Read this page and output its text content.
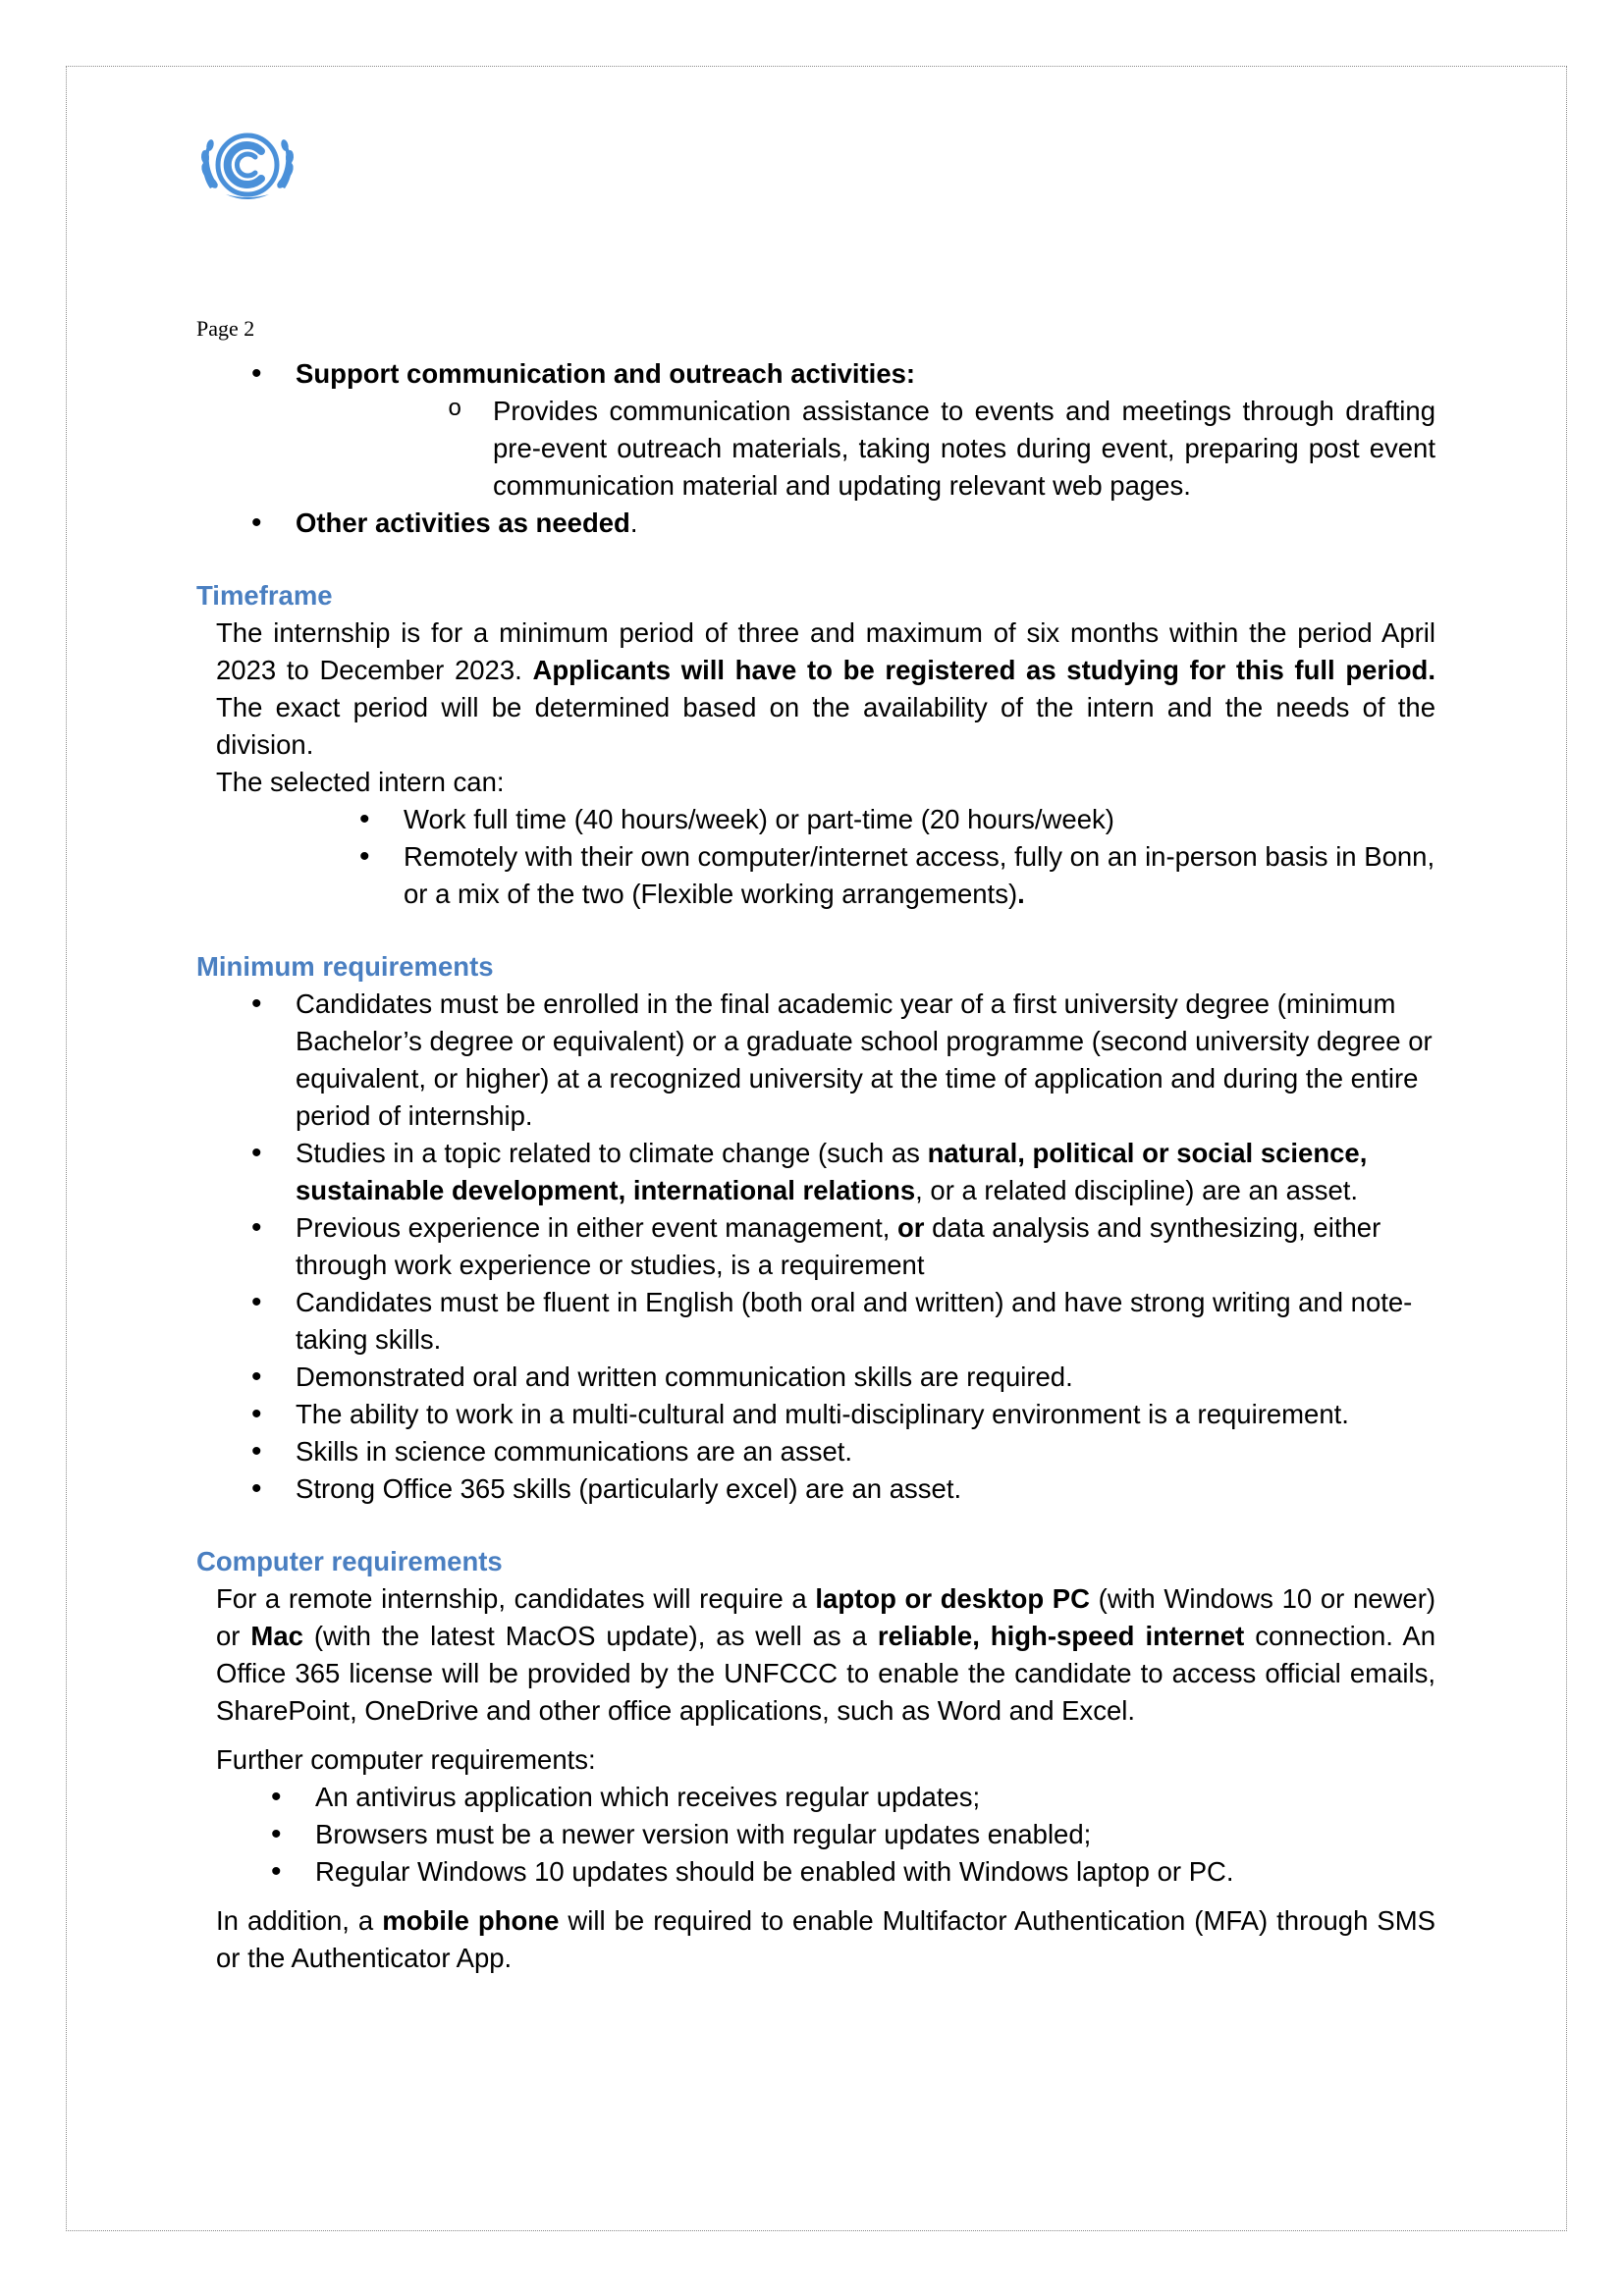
Page 2
• Support communication and outreach activities:
o Provides communication assistance to events and meetings through drafting pre-event outreach materials, taking notes during event, preparing post event communication material and updating relevant web pages.
• Other activities as needed.
Timeframe

The internship is for a minimum period of three and maximum of six months within the period April 2023 to December 2023. Applicants will have to be registered as studying for this full period. The exact period will be determined based on the availability of the intern and the needs of the division.

The selected intern can:

• Work full time (40 hours/week) or part-time (20 hours/week)
• Remotely with their own computer/internet access, fully on an in-person basis in Bonn, or a mix of the two (Flexible working arrangements).
Minimum requirements
• Candidates must be enrolled in the final academic year of a first university degree (minimum Bachelor’s degree or equivalent) or a graduate school programme (second university degree or equivalent, or higher) at a recognized university at the time of application and during the entire period of internship.
• Studies in a topic related to climate change (such as natural, political or social science, sustainable development, international relations, or a related discipline) are an asset.
• Previous experience in either event management, or data analysis and synthesizing, either through work experience or studies, is a requirement
• Candidates must be fluent in English (both oral and written) and have strong writing and note-taking skills.
• Demonstrated oral and written communication skills are required.
• The ability to work in a multi-cultural and multi-disciplinary environment is a requirement.
• Skills in science communications are an asset.
• Strong Office 365 skills (particularly excel) are an asset.
Computer requirements

For a remote internship, candidates will require a laptop or desktop PC (with Windows 10 or newer) or Mac (with the latest MacOS update), as well as a reliable, high-speed internet connection. An Office 365 license will be provided by the UNFCCC to enable the candidate to access official emails, SharePoint, OneDrive and other office applications, such as Word and Excel.

Further computer requirements:

• An antivirus application which receives regular updates;
• Browsers must be a newer version with regular updates enabled;
• Regular Windows 10 updates should be enabled with Windows laptop or PC.

In addition, a mobile phone will be required to enable Multifactor Authentication (MFA) through SMS or the Authenticator App.
